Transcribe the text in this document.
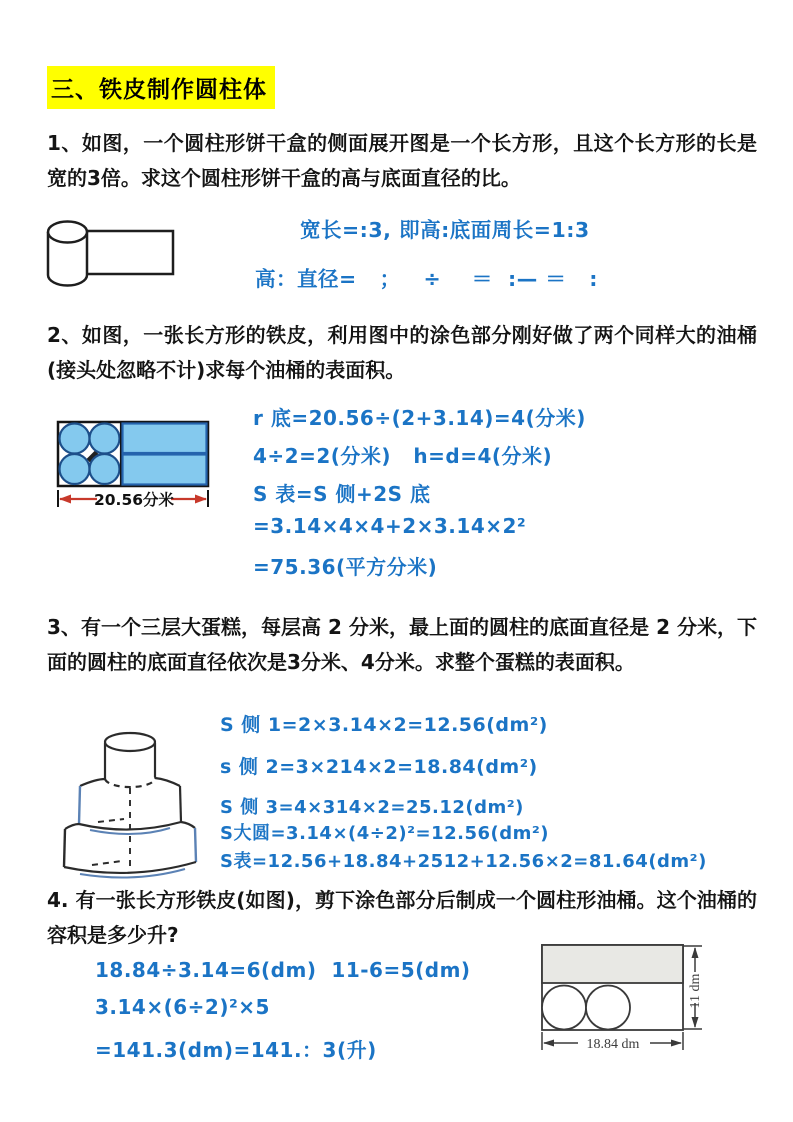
三、铁皮制作圆柱体
1、如图，一个圆柱形饼干盒的侧面展开图是一个长方形，且这个长方形的长是宽的3倍。求这个圆柱形饼干盒的高与底面直径的比。
宽长=:3, 即高:底面周长=1:3
高：直径=   ；   ÷    ＝  :— ＝   :
2、如图，一张长方形的铁皮，利用图中的涂色部分刚好做了两个同样大的油桶(接头处忽略不计)求每个油桶的表面积。
20.56分米
r 底=20.56÷(2+3.14)=4(分米)
4÷2=2(分米)   h=d=4(分米)
S 表=S 侧+2S 底
=3.14×4×4+2×3.14×2²
=75.36(平方分米)
3、有一个三层大蛋糕，每层高 2 分米，最上面的圆柱的底面直径是 2 分米，下面的圆柱的底面直径依次是3分米、4分米。求整个蛋糕的表面积。
S 侧 1=2×3.14×2=12.56(dm²)
s 侧 2=3×214×2=18.84(dm²)
S 侧 3=4×314×2=25.12(dm²)
S大圆=3.14×(4÷2)²=12.56(dm²)
S表=12.56+18.84+2512+12.56×2=81.64(dm²)
4. 有一张长方形铁皮(如图)，剪下涂色部分后制成一个圆柱形油桶。这个油桶的容积是多少升?
18.84÷3.14=6(dm)  11-6=5(dm)
3.14×(6÷2)²×5
=141.3(dm)=141.：3(升)	18.84 dm
11 dm
